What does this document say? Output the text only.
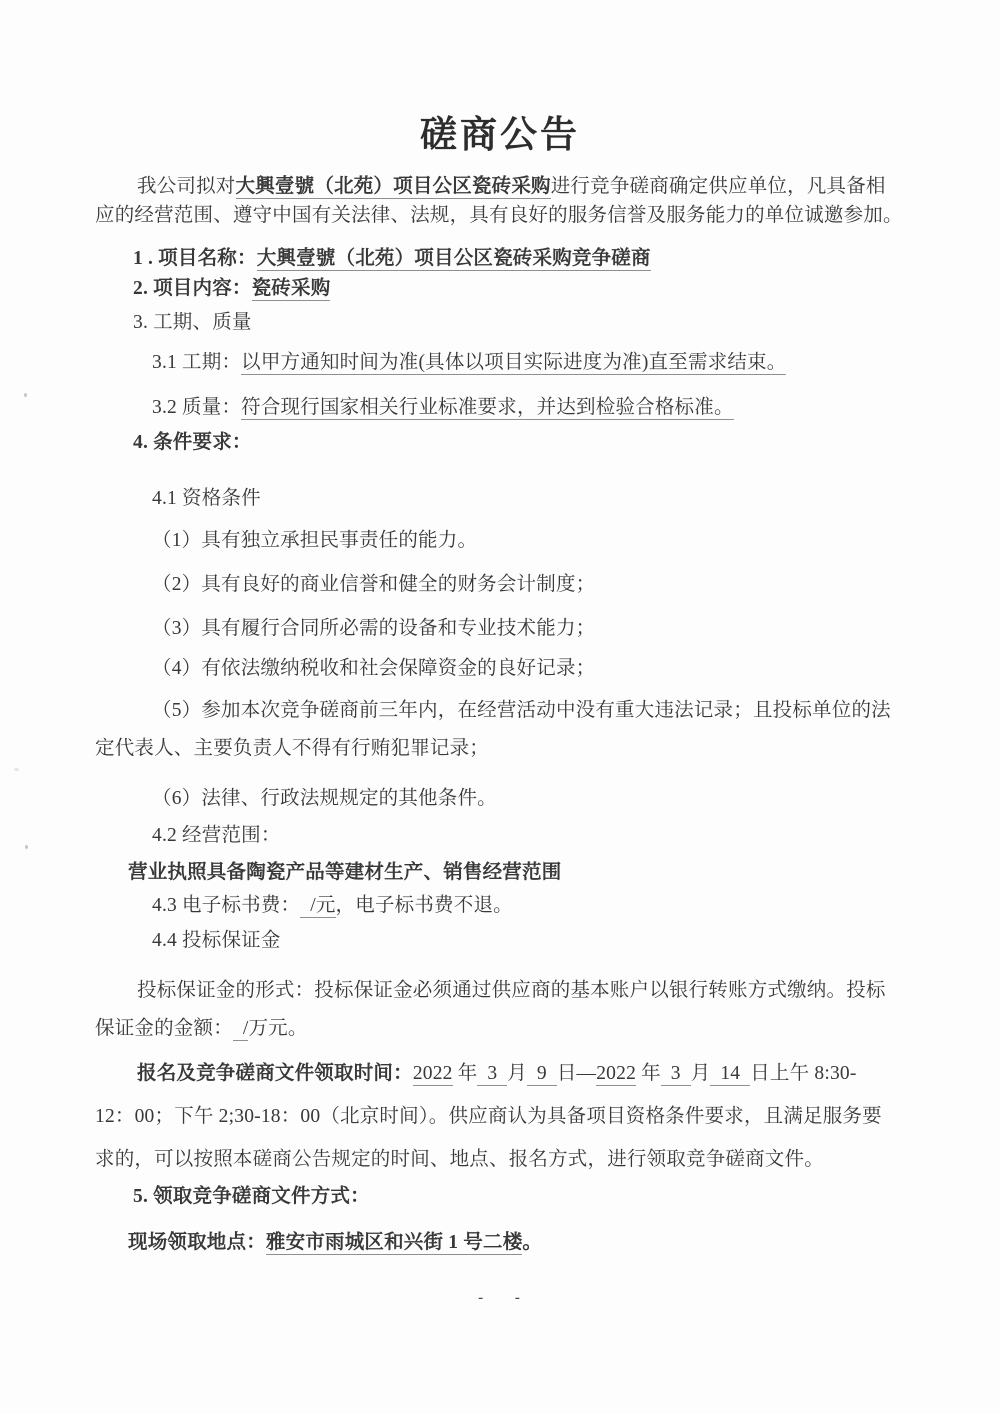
磋商公告

我公司拟对大興壹號（北苑）项目公区瓷砖采购进行竞争磋商确定供应单位，凡具备相应的经营范围、遵守中国有关法律、法规，具有良好的服务信誉及服务能力的单位诚邀参加。

1 . 项目名称：大興壹號（北苑）项目公区瓷砖采购竞争磋商

2. 项目内容：瓷砖采购

3. 工期、质量

3.1 工期：以甲方通知时间为准(具体以项目实际进度为准)直至需求结束。

3.2 质量：符合现行国家相关行业标准要求，并达到检验合格标准。

4. 条件要求：

4.1 资格条件

（1）具有独立承担民事责任的能力。

（2）具有良好的商业信誉和健全的财务会计制度；

（3）具有履行合同所必需的设备和专业技术能力；

（4）有依法缴纳税收和社会保障资金的良好记录；

（5）参加本次竞争磋商前三年内，在经营活动中没有重大违法记录；且投标单位的法定代表人、主要负责人不得有行贿犯罪记录；

（6）法律、行政法规规定的其他条件。

4.2 经营范围：

营业执照具备陶瓷产品等建材生产、销售经营范围

4.3 电子标书费： /元，电子标书费不退。

4.4 投标保证金

投标保证金的形式：投标保证金必须通过供应商的基本账户以银行转账方式缴纳。投标保证金的金额： /万元。

报名及竞争磋商文件领取时间：2022 年 3 月 9 日—2022 年 3 月 14 日上午 8:30-12：00；下午 2;30-18：00（北京时间）。供应商认为具备项目资格条件要求，且满足服务要求的，可以按照本磋商公告规定的时间、地点、报名方式，进行领取竞争磋商文件。

5. 领取竞争磋商文件方式：

现场领取地点：雅安市雨城区和兴街 1 号二楼。

- -
